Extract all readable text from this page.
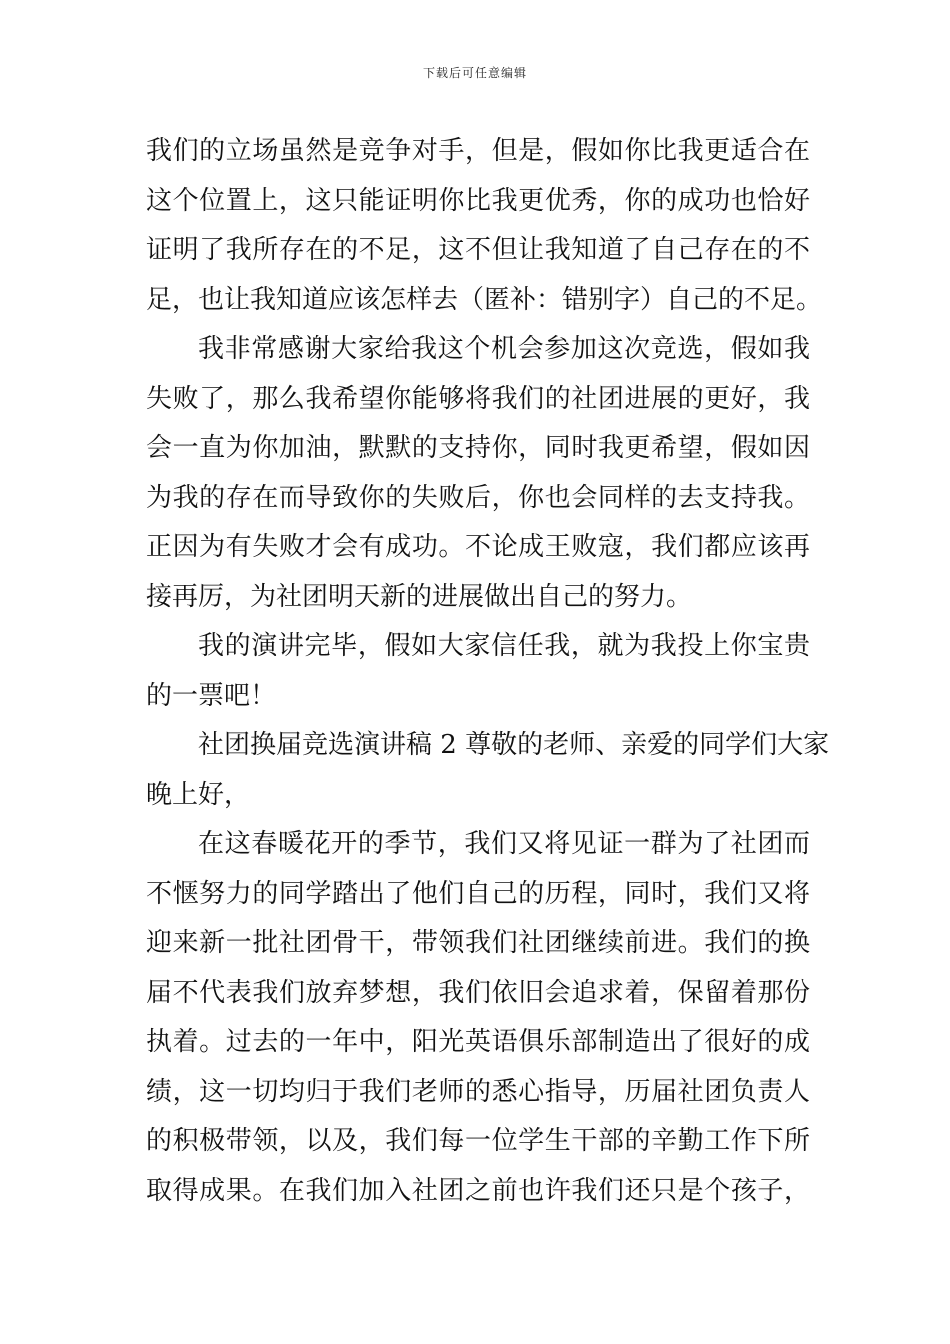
下载后可任意编辑
我们的立场虽然是竞争对手，但是，假如你比我更适合在
这个位置上，这只能证明你比我更优秀，你的成功也恰好
证明了我所存在的不足，这不但让我知道了自己存在的不
足，也让我知道应该怎样去（匿补：错别字）自己的不足。
我非常感谢大家给我这个机会参加这次竞选，假如我
失败了，那么我希望你能够将我们的社团进展的更好，我
会一直为你加油，默默的支持你，同时我更希望，假如因
为我的存在而导致你的失败后，你也会同样的去支持我。
正因为有失败才会有成功。不论成王败寇，我们都应该再
接再厉，为社团明天新的进展做出自己的努力。
我的演讲完毕，假如大家信任我，就为我投上你宝贵
的一票吧！
社团换届竞选演讲稿 2 尊敬的老师、亲爱的同学们大家
晚上好，
在这春暖花开的季节，我们又将见证一群为了社团而
不惬努力的同学踏出了他们自己的历程，同时，我们又将
迎来新一批社团骨干，带领我们社团继续前进。我们的换
届不代表我们放弃梦想，我们依旧会追求着，保留着那份
执着。过去的一年中，阳光英语俱乐部制造出了很好的成
绩，这一切均归于我们老师的悉心指导，历届社团负责人
的积极带领，以及，我们每一位学生干部的辛勤工作下所
取得成果。在我们加入社团之前也许我们还只是个孩子，
